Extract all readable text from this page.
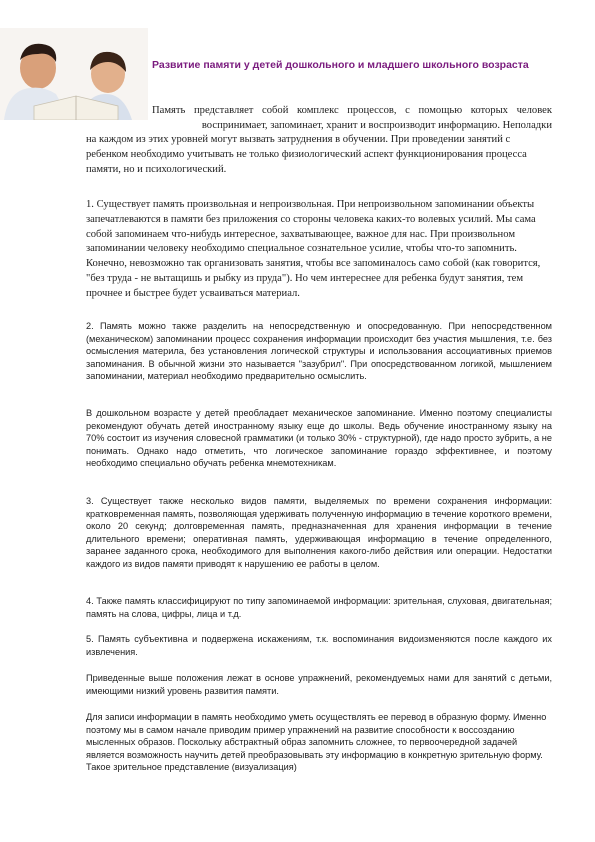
Развитие памяти у детей дошкольного и младшего школьного возраста

Память представляет собой комплекс процессов, с помощью которых человек воспринимает, запоминает, хранит и воспроизводит информацию. Неполадки

на каждом из этих уровней могут вызвать затруднения в обучении. При проведении занятий с ребенком необходимо учитывать не только физиологический аспект функционирования процесса памяти, но и психологический.

1. Существует память произвольная и непроизвольная. При непроизвольном запоминании объекты запечатлеваются в памяти без приложения со стороны человека каких-то волевых усилий. Мы сама собой запоминаем что-нибудь интересное, захватывающее, важное для нас. При произвольном запоминании человеку необходимо специальное сознательное усилие, чтобы что-то запомнить. Конечно, невозможно так организовать занятия, чтобы все запоминалось само собой (как говорится, "без труда - не вытащишь и рыбку из пруда"). Но чем интереснее для ребенка будут занятия, тем прочнее и быстрее будет усваиваться материал.

2. Память можно также разделить на непосредственную и опосредованную. При непосредственном (механическом) запоминании процесс сохранения информации происходит без участия мышления, т.е. без осмысления материла, без установления логической структуры и использования ассоциативных приемов запоминания. В обычной жизни это называется "зазубрил". При опосредствованном логикой, мышлением запоминании, материал необходимо предварительно осмыслить.

В дошкольном возрасте у детей преобладает механическое запоминание. Именно поэтому специалисты рекомендуют обучать детей иностранному языку еще до школы. Ведь обучение иностранному языку на 70% состоит из изучения словесной грамматики (и только 30% - структурной), где надо просто зубрить, а не понимать. Однако надо отметить, что логическое запоминание гораздо эффективнее, и поэтому необходимо специально обучать ребенка мнемотехникам.

3. Существует также несколько видов памяти, выделяемых по времени сохранения информации: кратковременная память, позволяющая удерживать полученную информацию в течение короткого времени, около 20 секунд; долговременная память, предназначенная для хранения информации в течение длительного времени; оперативная память, удерживающая информацию в течение определенного, заранее заданного срока, необходимого для выполнения какого-либо действия или операции. Недостатки каждого из видов памяти приводят к нарушению ее работы в целом.

4. Также память классифицируют по типу запоминаемой информации: зрительная, слуховая, двигательная; память на слова, цифры, лица и т.д.

5. Память субъективна и подвержена искажениям, т.к. воспоминания видоизменяются после каждого их извлечения.

Приведенные выше положения лежат в основе упражнений, рекомендуемых нами для занятий с детьми, имеющими низкий уровень развития памяти.

Для записи информации в память необходимо уметь осуществлять ее перевод в образную форму. Именно поэтому мы в самом начале приводим пример упражнений на развитие способности к воссозданию мысленных образов. Поскольку абстрактный образ запомнить сложнее, то первоочередной задачей является возможность научить детей преобразовывать эту информацию в конкретную зрительную форму. Такое зрительное представление (визуализация)
